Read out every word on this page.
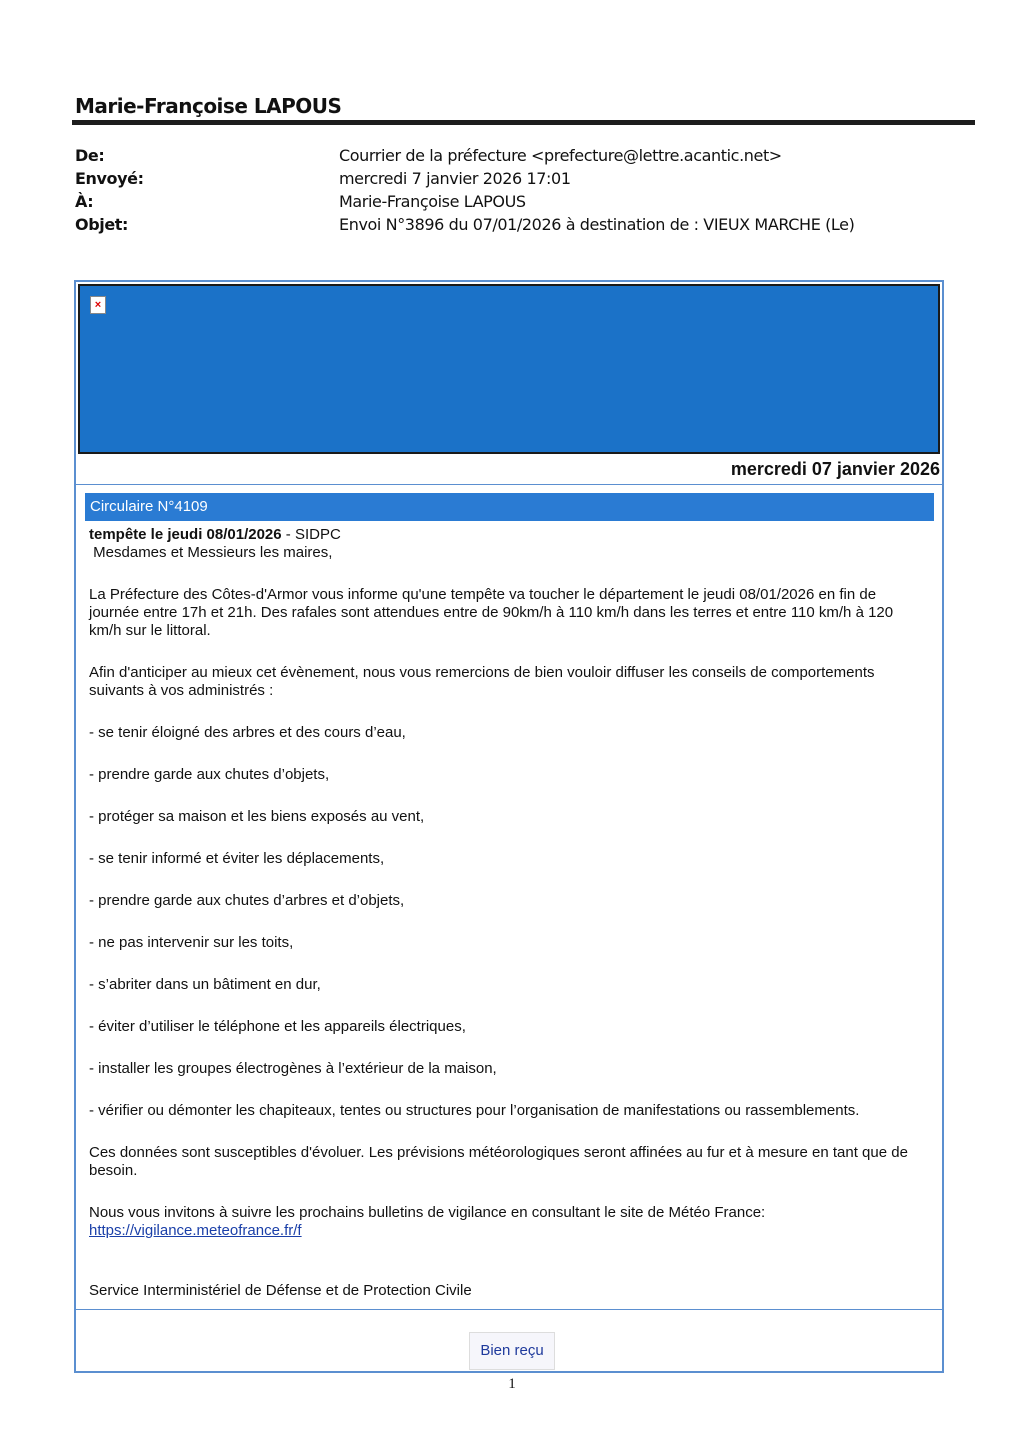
Marie-Françoise LAPOUS
De:	Courrier de la préfecture <prefecture@lettre.acantic.net>
Envoyé:	mercredi 7 janvier 2026 17:01
À:	Marie-Françoise LAPOUS
Objet:	Envoi N°3896 du 07/01/2026 à destination de : VIEUX MARCHE (Le)
×
mercredi 07 janvier 2026
Circulaire N°4109
tempête le jeudi 08/01/2026 - SIDPC

Mesdames et Messieurs les maires,

La Préfecture des Côtes-d'Armor vous informe qu'une tempête va toucher le département le jeudi 08/01/2026 en fin de journée entre 17h et 21h. Des rafales sont attendues entre de 90km/h à 110 km/h dans les terres et entre 110 km/h à 120 km/h sur le littoral.

Afin d'anticiper au mieux cet évènement, nous vous remercions de bien vouloir diffuser les conseils de comportements suivants à vos administrés :

- se tenir éloigné des arbres et des cours d’eau,

- prendre garde aux chutes d’objets,

- protéger sa maison et les biens exposés au vent,

- se tenir informé et éviter les déplacements,

- prendre garde aux chutes d’arbres et d’objets,

- ne pas intervenir sur les toits,

- s’abriter dans un bâtiment en dur,

- éviter d’utiliser le téléphone et les appareils électriques,

- installer les groupes électrogènes à l’extérieur de la maison,

- vérifier ou démonter les chapiteaux, tentes ou structures pour l’organisation de manifestations ou rassemblements.

Ces données sont susceptibles d'évoluer. Les prévisions météorologiques seront affinées au fur et à mesure en tant que de besoin.

Nous vous invitons à suivre les prochains bulletins de vigilance en consultant le site de Météo France:
https://vigilance.meteofrance.fr/f

Service Interministériel de Défense et de Protection Civile

Bien reçu
1
